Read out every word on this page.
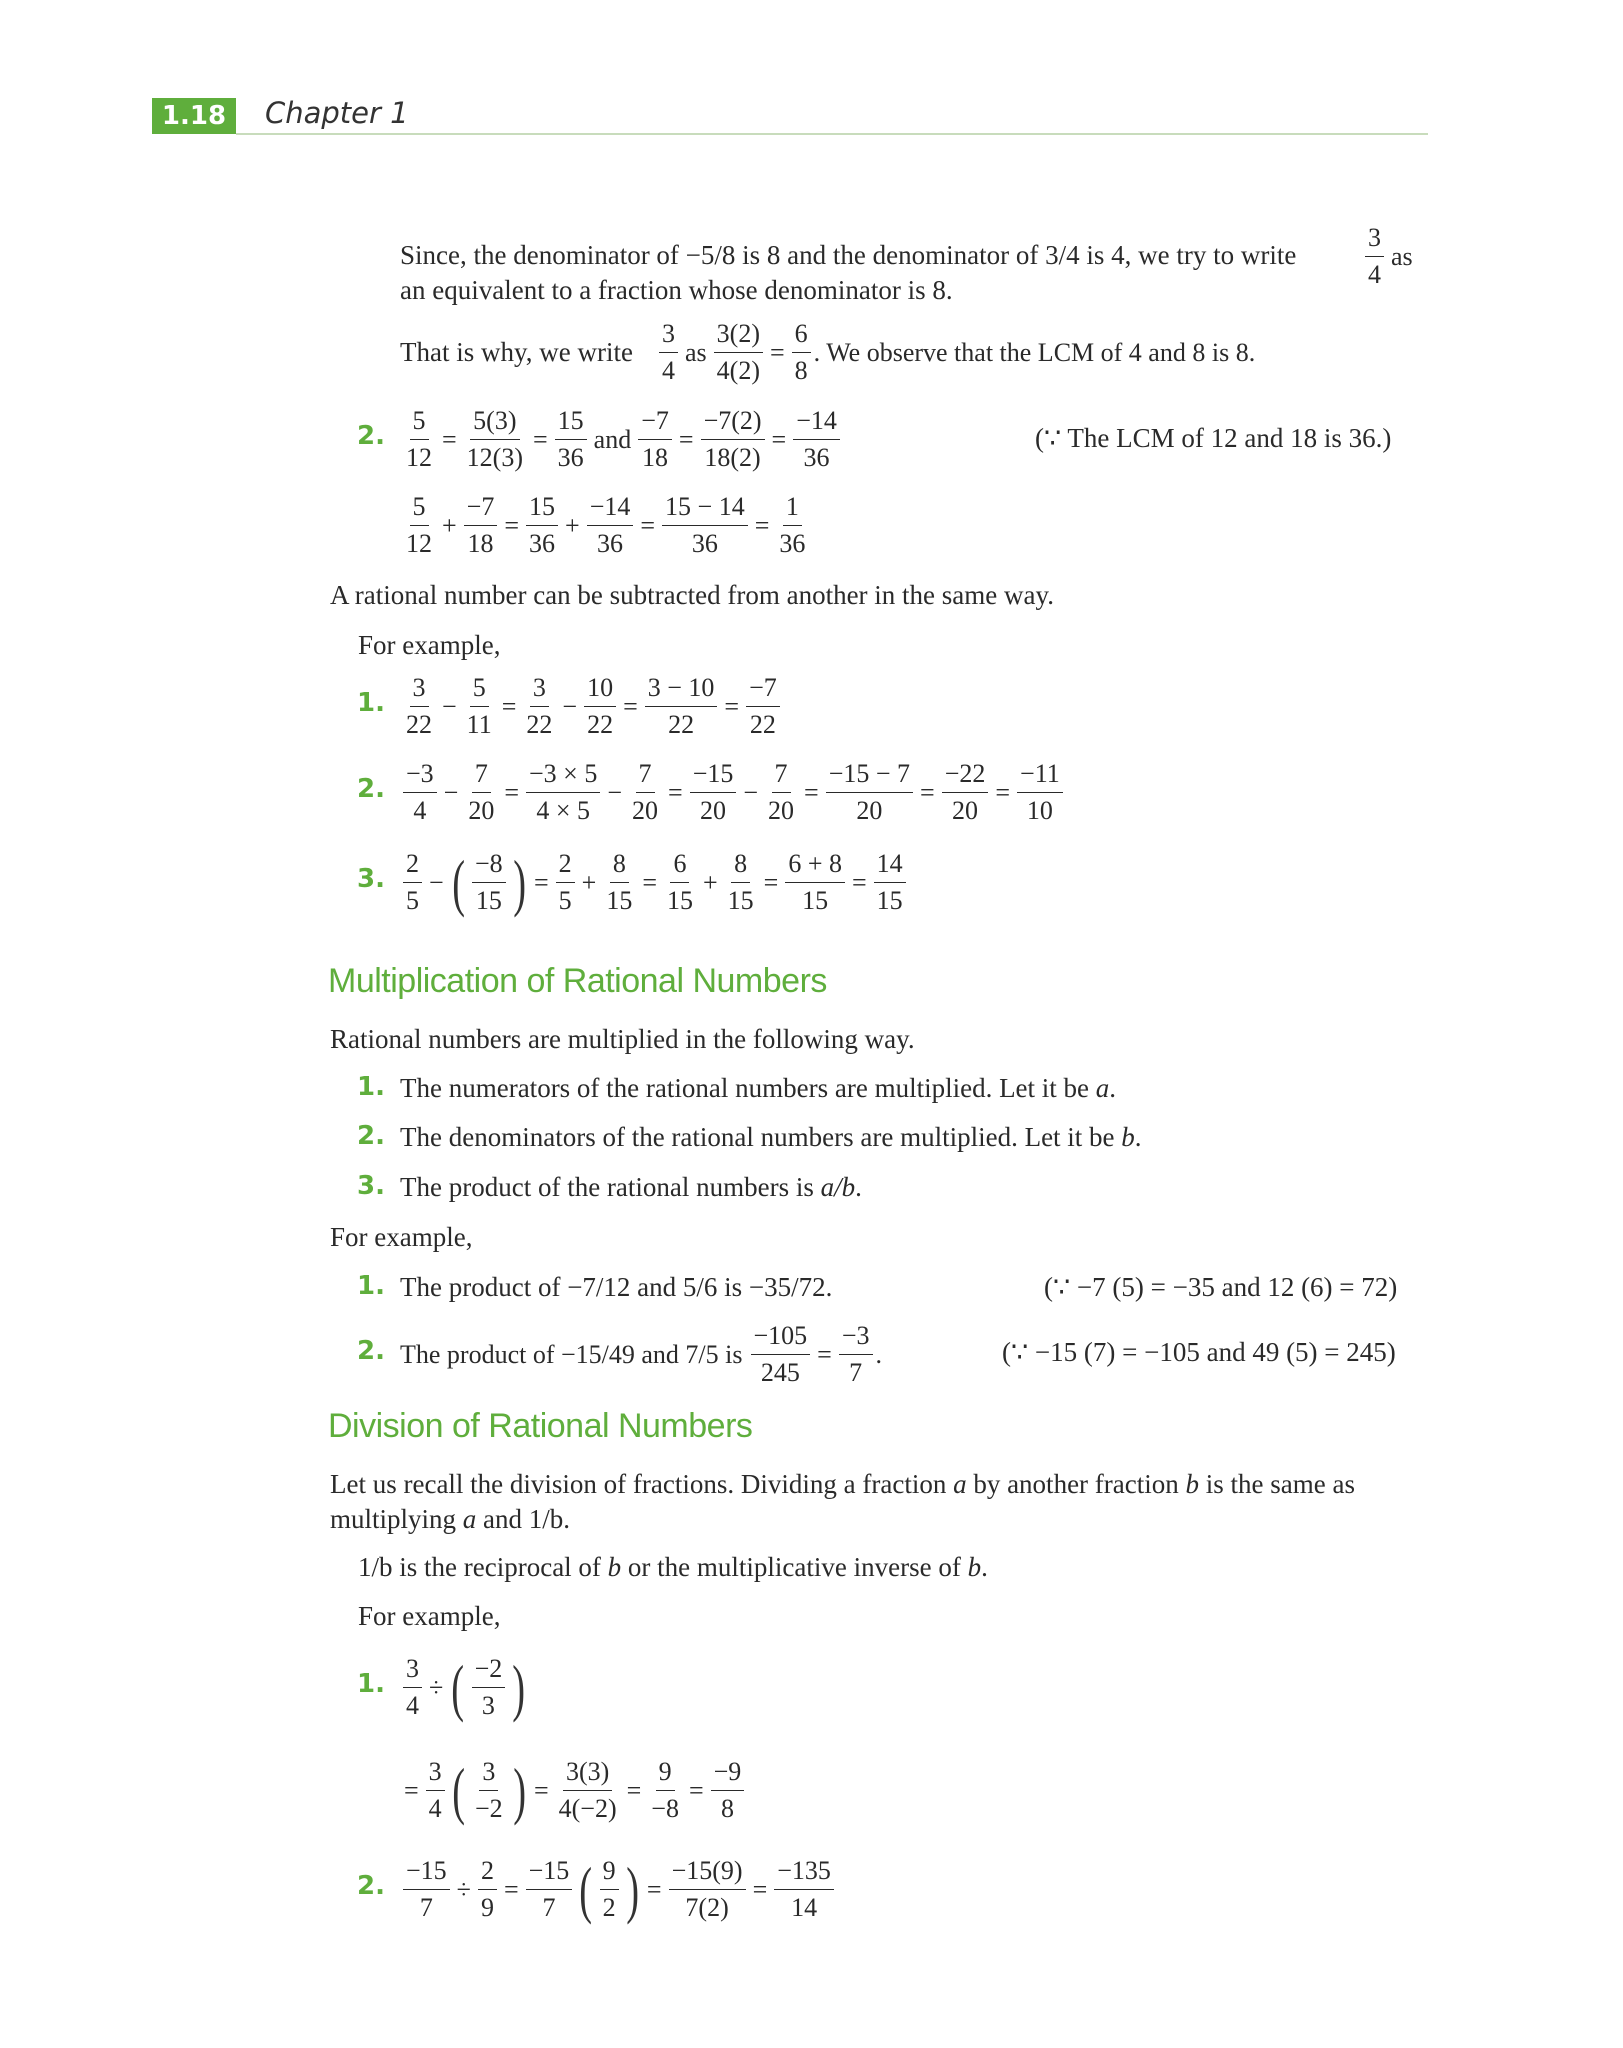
1.18	Chapter 1
Since, the denominator of −5/8 is 8 and the denominator of 3/4 is 4, we try to write	$\frac{3}{4}$ as
an equivalent to a fraction whose denominator is 8.
That is why, we write $\frac{3}{4}$ as $\frac{3(2)}{4(2)} = \frac{6}{8}$ . We observe that the LCM of 4 and 8 is 8.
2. $\frac{5}{12} = \frac{5(3)}{12(3)} = \frac{15}{36}$ and $\frac{-7}{18} = \frac{-7(2)}{18(2)} = \frac{-14}{36}$	(∵ The LCM of 12 and 18 is 36.)
$\frac{5}{12} + \frac{-7}{18} = \frac{15}{36} + \frac{-14}{36} = \frac{15 - 14}{36} = \frac{1}{36}$
A rational number can be subtracted from another in the same way.
For example,
1. $\frac{3}{22} - \frac{5}{11} = \frac{3}{22} - \frac{10}{22} = \frac{3 - 10}{22} = \frac{-7}{22}$
2. $\frac{-3}{4} - \frac{7}{20} = \frac{-3 \times 5}{4 \times 5} - \frac{7}{20} = \frac{-15}{20} - \frac{7}{20} = \frac{-15 - 7}{20} = \frac{-22}{20} = \frac{-11}{10}$
3. $\frac{2}{5}$ − ( $\frac{-8}{15}$ ) = $\frac{2}{5} + \frac{8}{15} = \frac{6}{15} + \frac{8}{15} = \frac{6 + 8}{15} = \frac{14}{15}$
Multiplication of Rational Numbers
Rational numbers are multiplied in the following way.
1. The numerators of the rational numbers are multiplied. Let it be a.
2. The denominators of the rational numbers are multiplied. Let it be b.
3. The product of the rational numbers is a/b.
For example,
1. The product of −7/12 and 5/6 is −35/72.	(∵ −7 (5) = −35 and 12 (6) = 72)
2. The product of −15/49 and 7/5 is $\frac{-105}{245} = \frac{-3}{7}$ .	(∵ −15 (7) = −105 and 49 (5) = 245)
Division of Rational Numbers
Let us recall the division of fractions. Dividing a fraction a by another fraction b is the same as
multiplying a and 1/b.
1/b is the reciprocal of b or the multiplicative inverse of b.
For example,
1. $\frac{3}{4}$ ÷ ( $\frac{-2}{3}$ )
= $\frac{3}{4}$ ( $\frac{3}{-2}$ ) = $\frac{3(3)}{4(-2)} = \frac{9}{-8} = \frac{-9}{8}$
2. $\frac{-15}{7} \div \frac{2}{9} = \frac{-15}{7}$ ( $\frac{9}{2}$ ) = $\frac{-15(9)}{7(2)} = \frac{-135}{14}$
